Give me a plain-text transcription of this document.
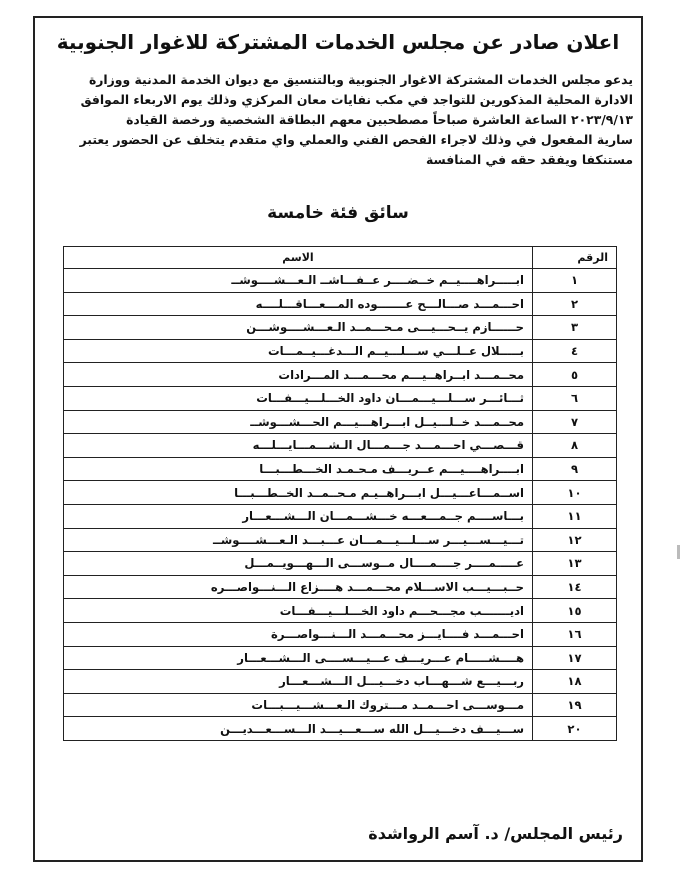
اعلان صادر عن مجلس الخدمات المشتركة للاغوار الجنوبية

يدعو مجلس الخدمات المشتركة الاغوار الجنوبية وبالتنسيق مع ديوان الخدمة المدنية ووزارة

الادارة المحلية المذكورين للتواجد في مكب نفايات معان المركزي وذلك يوم الاربعاء الموافق

٢٠٢٣/٩/١٣ الساعة العاشرة صباحاً مصطحبين معهم البطاقة الشخصية ورخصة القيادة

سارية المفعول في وذلك لاجراء الفحص الفني والعملي واي متقدم يتخلف عن الحضور يعتبر

مستنكفا ويفقد حقه في المنافسة

سائق فئة خامسة
الرقم	الاسم
١	ابـــــراهــــيــم خــضــــر عــفـــاشــ الـعـــشــــوشــ
٢	احـــمـــد صـــالـــح عـــــــوده المـــعـــاقـــلــــه
٣	حــــــازم يــحـــيـــى مـحـــمــد الـعـــشــــوشـــن
٤	بـــــلال عــلـــي ســـلـــيــم الـــدغـــيــمـــات
٥	محــمـــد ابــراهــيـــم محـــمـــد المـــرادات
٦	ثـــائـــر ســـلـــيـــمـــان داود الخـــلـــيـــفـــات
٧	محــمـــد خــلـــيــل ابـــراهـــيـــم الحـــشـــوشــ
٨	قـــصـــي احـــمـــد جـــمـــال الـشـــمـــايـــلـــه
٩	ابــــراهــــيـــم عــريـــف مـحـمـد الخـــطـــبـــا
١٠	اســمـــاعـــيـــل ابـــراهــيـم مـحــمــد الخــطـــبـــا
١١	بـــاســــم جــمـــعـــه خـــشـــمـــان الـــشـــعـــار
١٢	تـــيـــســـيـــر ســـلـــيـــمـــان عـــبـــد الـعـــشــــوشــ
١٣	عـــــمــــر جــــمــــال مــوســـى الـــهـــويــمـــل
١٤	حــبـــيـــب الاســـلام محـــمـــد هــــزاع الـــنـــواصـــره
١٥	اديـــــــب مجـــحـــم داود الخـــلـــيـــفـــات
١٦	احـــمـــد فــــايـــز محـــمـــد الـــنـــواصـــرة
١٧	هــــشـــــام عـــريـــف عـــيـــســــى الـــشـــعـــار
١٨	ربـــيـــع شـــهـــاب دخـــيـــل الـــشـــعـــار
١٩	مـــوســـى احـــمــد مـــتروك الـعـــشـــيـــبـــات
٢٠	ســـيـــف دخـــيـــل الله ســـعـــيـــد الـــســـعـــديـــن
رئيس المجلس/ د. آسم الرواشدة
